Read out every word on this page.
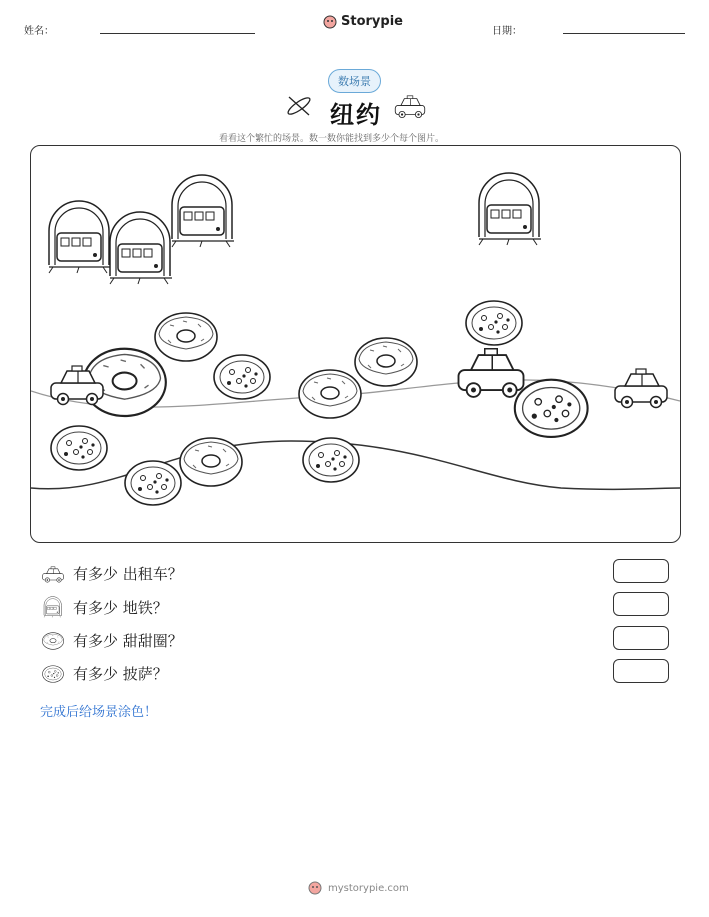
姓名：
Storypie
日期：
数场景
纽约
看看这个繁忙的场景。数一数你能找到多少个每个图片。
有多少 出租车？
有多少 地铁？
有多少 甜甜圈？
有多少 披萨？
完成后给场景涂色！
mystorypie.com
